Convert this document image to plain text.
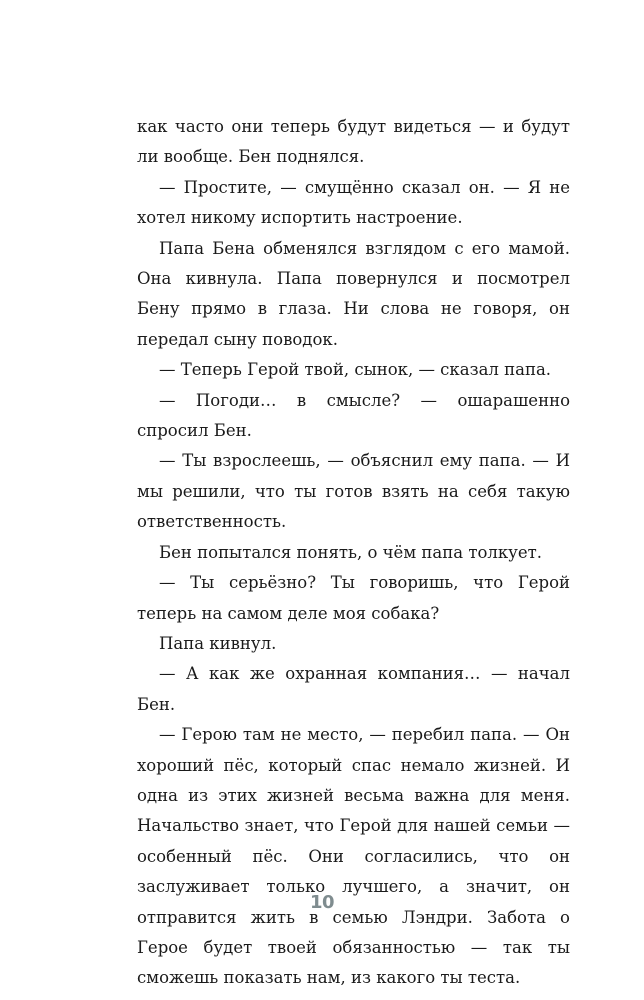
как часто они теперь будут видеться — и будут ли вообще. Бен поднялся.

— Простите, — смущённо сказал он. — Я не хотел никому испортить настроение.

Папа Бена обменялся взглядом с его мамой. Она кивнула. Папа повернулся и посмотрел Бену прямо в глаза. Ни слова не говоря, он передал сыну поводок.

— Теперь Герой твой, сынок, — сказал папа.

— Погоди… в смысле? — ошарашенно спросил Бен.

— Ты взрослеешь, — объяснил ему папа. — И мы решили, что ты готов взять на себя такую ответственность.

Бен попытался понять, о чём папа толкует.

— Ты серьёзно? Ты говоришь, что Герой теперь на самом деле моя собака?

Папа кивнул.

— А как же охранная компания… — начал Бен.

— Герою там не место, — перебил папа. — Он хороший пёс, который спас немало жизней. И одна из этих жизней весьма важна для меня. Начальство знает, что Герой для нашей семьи — особенный пёс. Они согласились, что он заслуживает только лучшего, а значит, он отправится жить в семью Лэндри. Забота о Герое будет твоей обязанностью — так ты сможешь показать нам, из какого ты теста.

10
